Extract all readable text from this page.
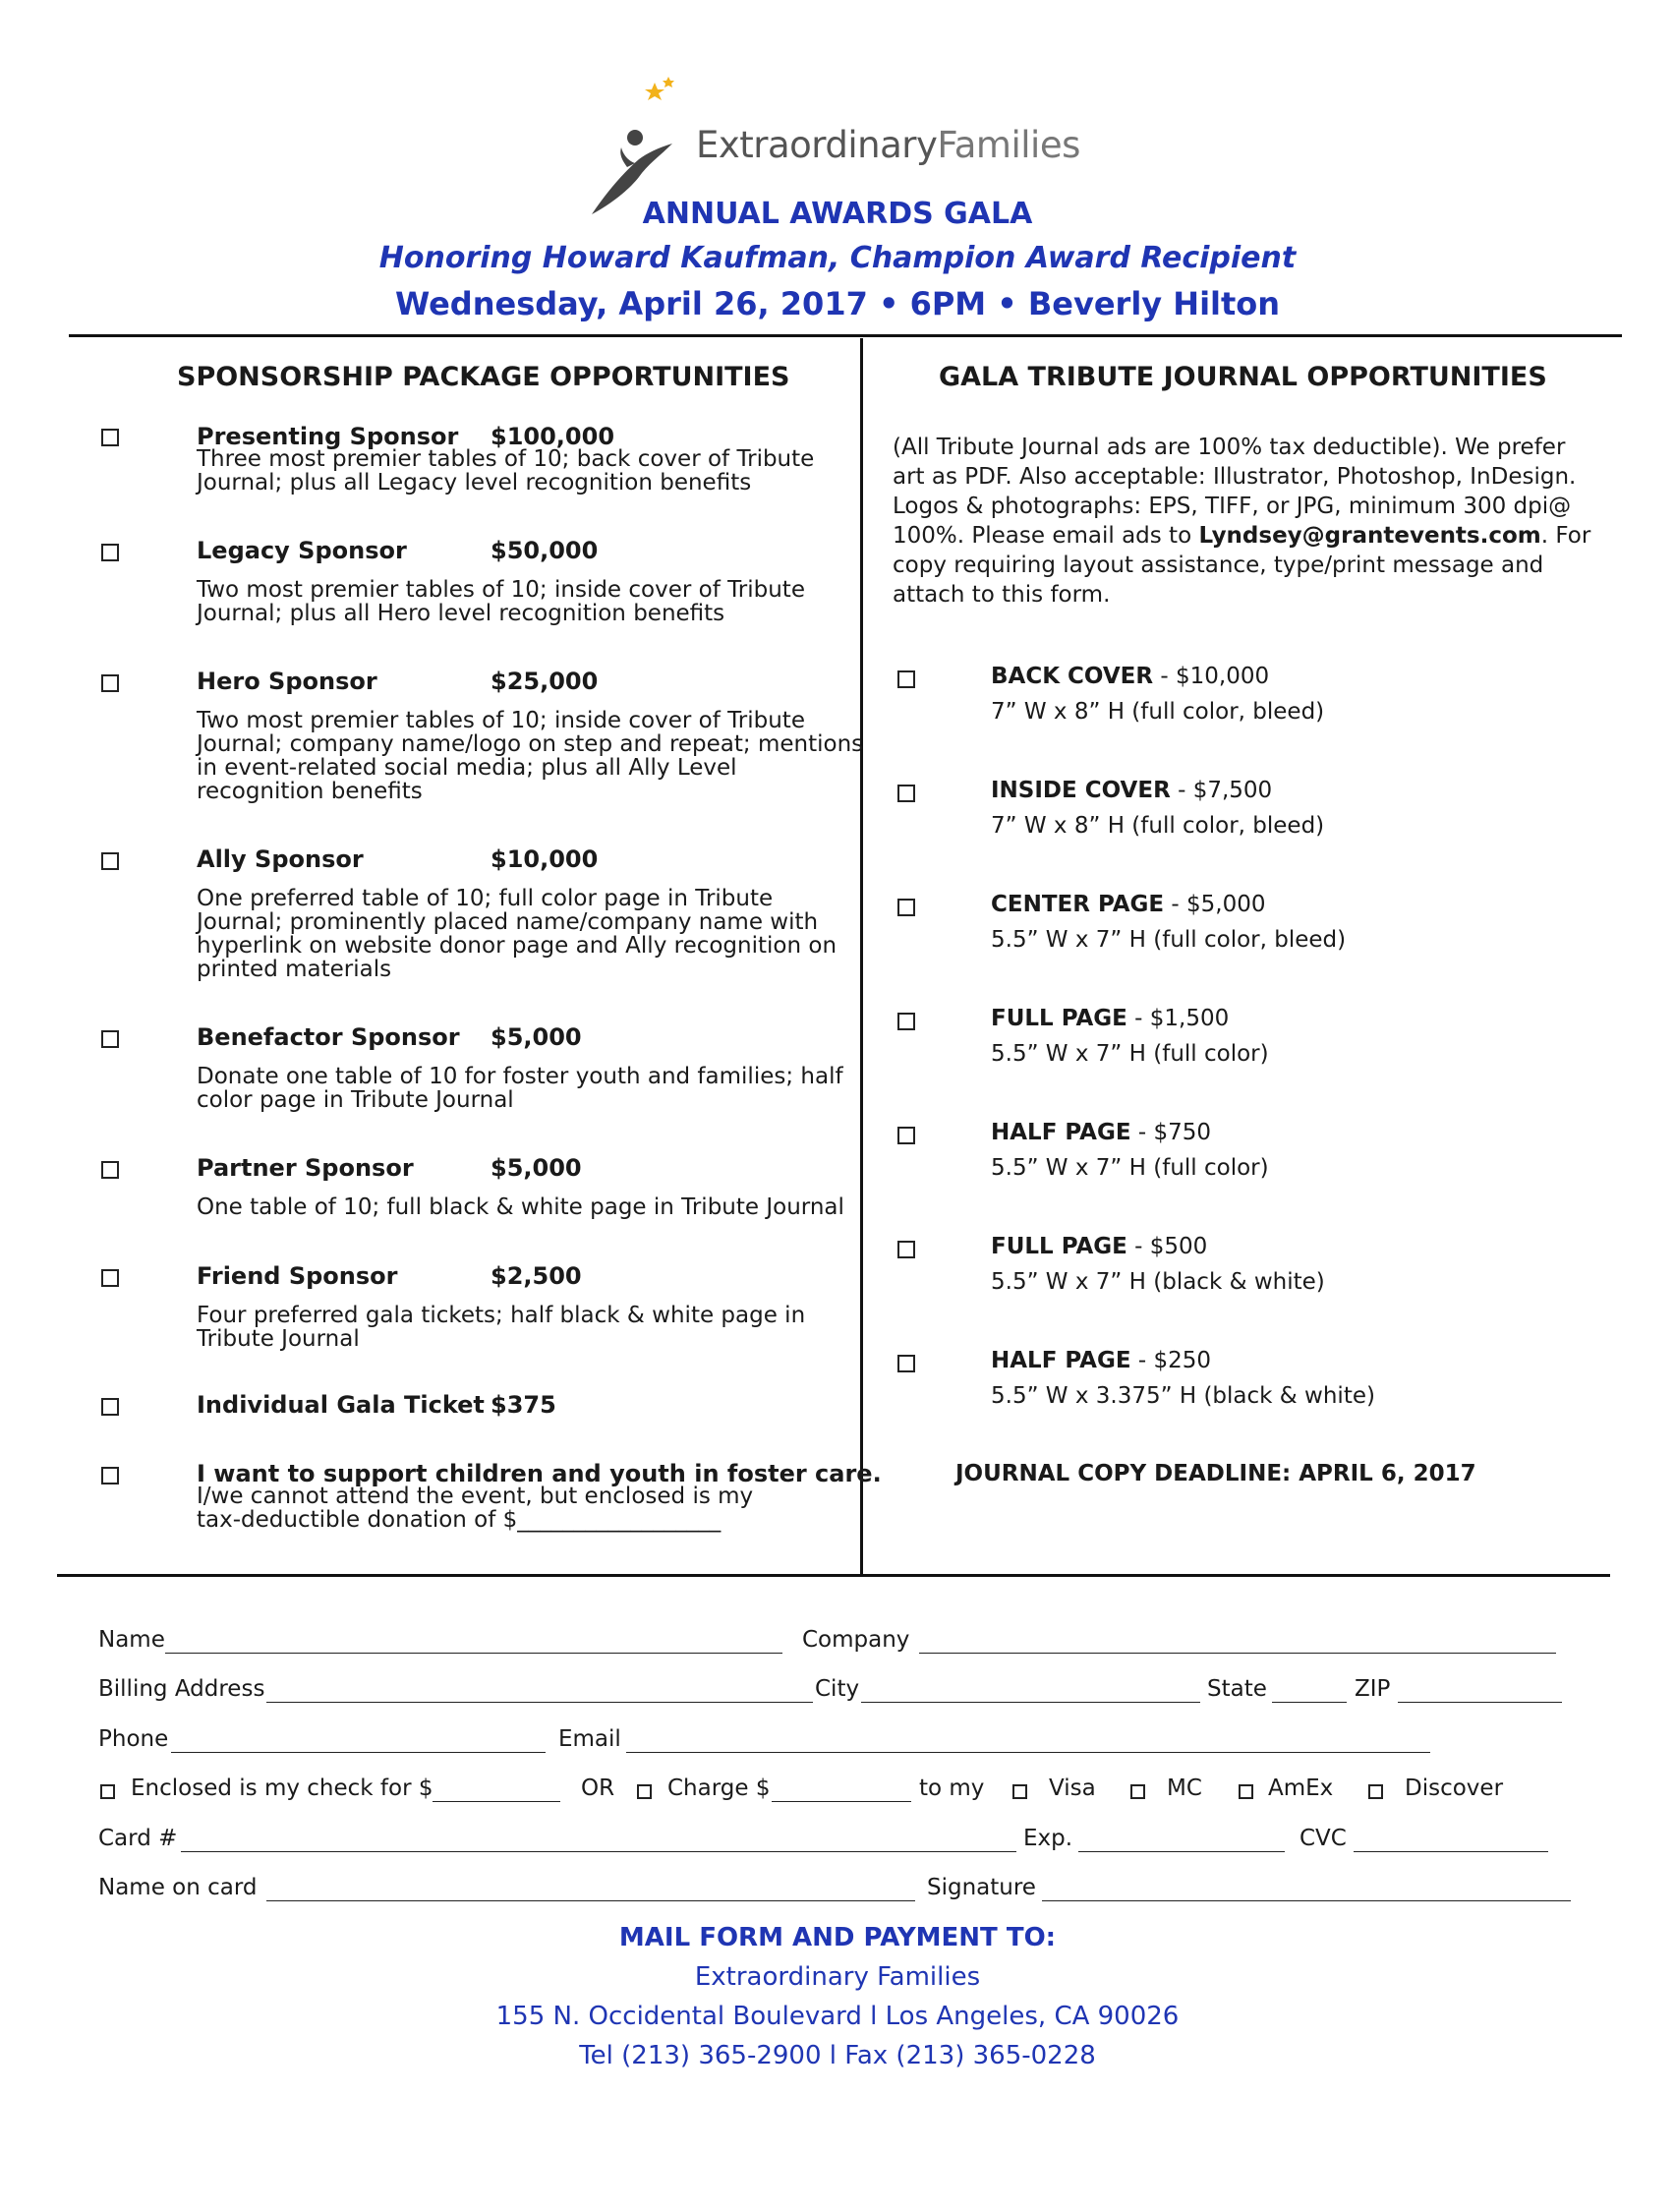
ExtraordinaryFamilies
ANNUAL AWARDS GALA
Honoring Howard Kaufman, Champion Award Recipient
Wednesday, April 26, 2017 • 6PM • Beverly Hilton
SPONSORSHIP PACKAGE OPPORTUNITIES
Presenting Sponsor $100,000
Three most premier tables of 10; back cover of Tribute Journal; plus all Legacy level recognition benefits
Legacy Sponsor	$50,000
Two most premier tables of 10; inside cover of Tribute Journal; plus all Hero level recognition benefits
Hero Sponsor	$25,000
Two most premier tables of 10; inside cover of Tribute Journal; company name/logo on step and repeat; mentions in event-related social media; plus all Ally Level recognition benefits
Ally Sponsor	$10,000
One preferred table of 10; full color page in Tribute Journal; prominently placed name/company name with hyperlink on website donor page and Ally recognition on printed materials
Benefactor Sponsor $5,000
Donate one table of 10 for foster youth and families; half color page in Tribute Journal
Partner Sponsor	$5,000
One table of 10; full black & white page in Tribute Journal
Friend Sponsor	$2,500
Four preferred gala tickets; half black & white page in Tribute Journal
Individual Gala Ticket $375
I want to support children and youth in foster care.
I/we cannot attend the event, but enclosed is my
tax-deductible donation of $__________________
GALA TRIBUTE JOURNAL OPPORTUNITIES
(All Tribute Journal ads are 100% tax deductible). We prefer art as PDF. Also acceptable: Illustrator, Photoshop, InDesign. Logos & photographs: EPS, TIFF, or JPG, minimum 300 dpi@ 100%. Please email ads to Lyndsey@grantevents.com. For copy requiring layout assistance, type/print message and attach to this form.
BACK COVER - $10,000
7” W x 8” H (full color, bleed)
INSIDE COVER - $7,500
7” W x 8” H (full color, bleed)
CENTER PAGE - $5,000
5.5” W x 7” H (full color, bleed)
FULL PAGE - $1,500
5.5” W x 7” H (full color)
HALF PAGE - $750
5.5” W x 7” H (full color)
FULL PAGE - $500
5.5” W x 7” H (black & white)
HALF PAGE - $250
5.5” W x 3.375” H (black & white)
JOURNAL COPY DEADLINE: APRIL 6, 2017
Name	Company
Billing Address	City	State	ZIP
Phone	Email
Enclosed is my check for $	OR Charge $	to my	Visa	MC	AmEx	Discover
Card #	Exp.	CVC
Name on card	Signature
MAIL FORM AND PAYMENT TO:
Extraordinary Families
155 N. Occidental Boulevard l Los Angeles, CA 90026
Tel (213) 365-2900 l Fax (213) 365-0228
